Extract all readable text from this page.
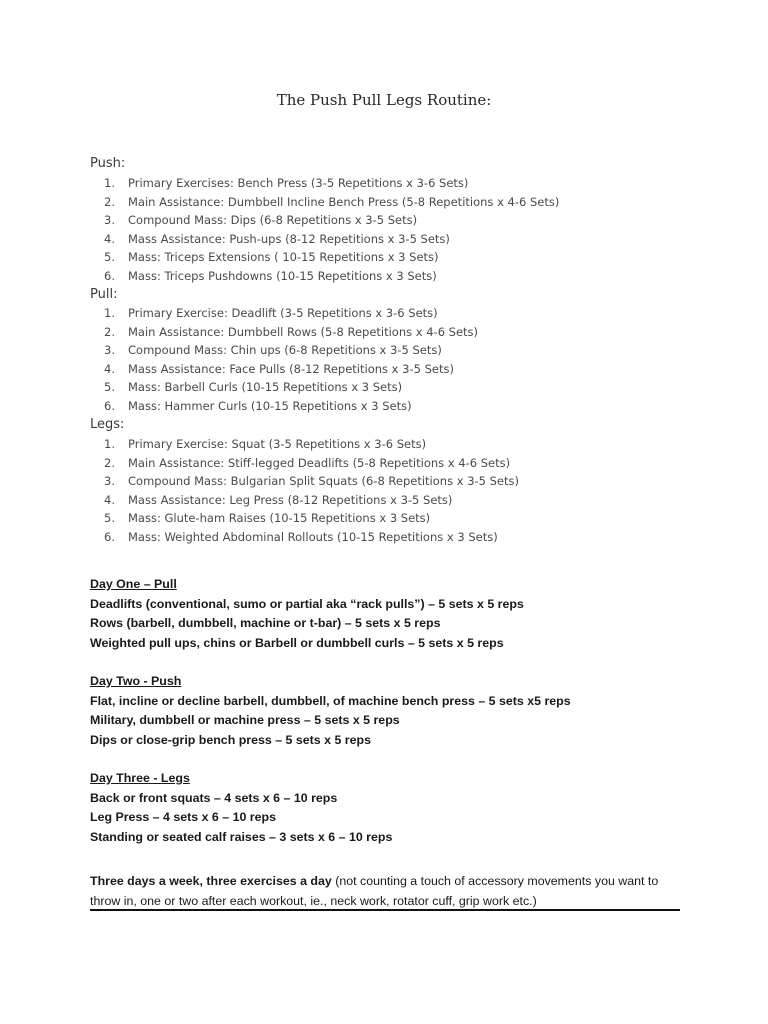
The Push Pull Legs Routine:
Push:
1. Primary Exercises: Bench Press (3-5 Repetitions x 3-6 Sets)
2. Main Assistance: Dumbbell Incline Bench Press (5-8 Repetitions x 4-6 Sets)
3. Compound Mass: Dips (6-8 Repetitions x 3-5 Sets)
4. Mass Assistance: Push-ups (8-12 Repetitions x 3-5 Sets)
5. Mass: Triceps Extensions ( 10-15 Repetitions x 3 Sets)
6. Mass: Triceps Pushdowns (10-15 Repetitions x 3 Sets)
Pull:
1. Primary Exercise: Deadlift (3-5 Repetitions x 3-6 Sets)
2. Main Assistance: Dumbbell Rows (5-8 Repetitions x 4-6 Sets)
3. Compound Mass: Chin ups (6-8 Repetitions x 3-5 Sets)
4. Mass Assistance: Face Pulls (8-12 Repetitions x 3-5 Sets)
5. Mass: Barbell Curls (10-15 Repetitions x 3 Sets)
6. Mass: Hammer Curls (10-15 Repetitions x 3 Sets)
Legs:
1. Primary Exercise: Squat (3-5 Repetitions x 3-6 Sets)
2. Main Assistance: Stiff-legged Deadlifts (5-8 Repetitions x 4-6 Sets)
3. Compound Mass: Bulgarian Split Squats (6-8 Repetitions x 3-5 Sets)
4. Mass Assistance: Leg Press (8-12 Repetitions x 3-5 Sets)
5. Mass: Glute-ham Raises (10-15 Repetitions x 3 Sets)
6. Mass: Weighted Abdominal Rollouts (10-15 Repetitions x 3 Sets)
Day One – Pull
Deadlifts (conventional, sumo or partial aka “rack pulls”) – 5 sets x 5 reps
Rows (barbell, dumbbell, machine or t-bar) – 5 sets x 5 reps
Weighted pull ups, chins or Barbell or dumbbell curls – 5 sets x 5 reps
Day Two - Push
Flat, incline or decline barbell, dumbbell, of machine bench press – 5 sets x5 reps
Military, dumbbell or machine press – 5 sets x 5 reps
Dips or close-grip bench press – 5 sets x 5 reps
Day Three - Legs
Back or front squats – 4 sets x 6 – 10 reps
Leg Press – 4 sets x 6 – 10 reps
Standing or seated calf raises – 3 sets x 6 – 10 reps
Three days a week, three exercises a day (not counting a touch of accessory movements you want to throw in, one or two after each workout, ie., neck work, rotator cuff, grip work etc.)
